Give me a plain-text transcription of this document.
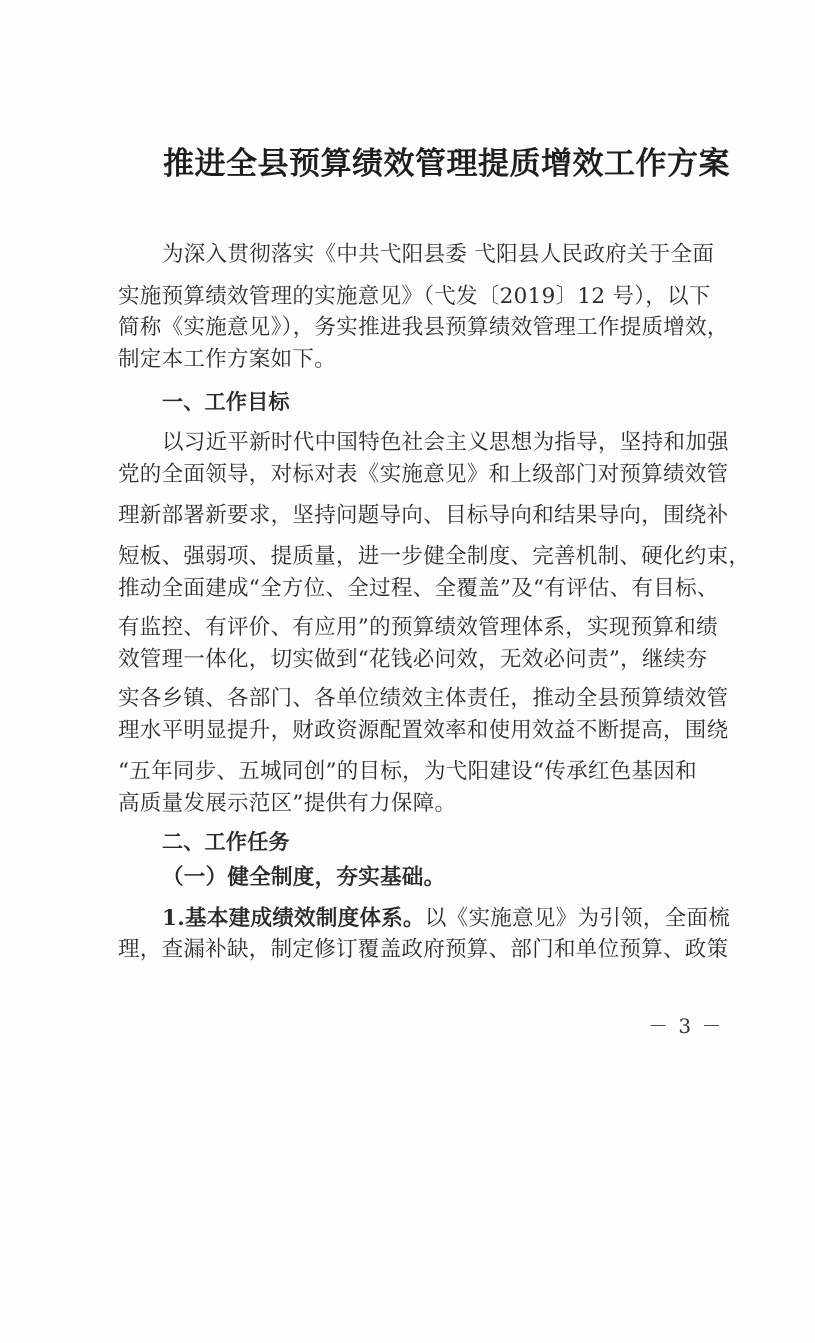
推进全县预算绩效管理提质增效工作方案
为深入贯彻落实《中共弋阳县委 弋阳县人民政府关于全面
实施预算绩效管理的实施意见》（弋发〔2019〕12 号），以下
简称《实施意见》），务实推进我县预算绩效管理工作提质增效，
制定本工作方案如下。
一、工作目标
以习近平新时代中国特色社会主义思想为指导，坚持和加强
党的全面领导，对标对表《实施意见》和上级部门对预算绩效管
理新部署新要求，坚持问题导向、目标导向和结果导向，围绕补
短板、强弱项、提质量，进一步健全制度、完善机制、硬化约束，
推动全面建成“全方位、全过程、全覆盖”及“有评估、有目标、
有监控、有评价、有应用”的预算绩效管理体系，实现预算和绩
效管理一体化，切实做到“花钱必问效，无效必问责”，继续夯
实各乡镇、各部门、各单位绩效主体责任，推动全县预算绩效管
理水平明显提升，财政资源配置效率和使用效益不断提高，围绕
“五年同步、五城同创”的目标，为弋阳建设“传承红色基因和
高质量发展示范区”提供有力保障。
二、工作任务
（一）健全制度，夯实基础。
1.基本建成绩效制度体系。以《实施意见》为引领，全面梳
理，查漏补缺，制定修订覆盖政府预算、部门和单位预算、政策
－ 3 －
